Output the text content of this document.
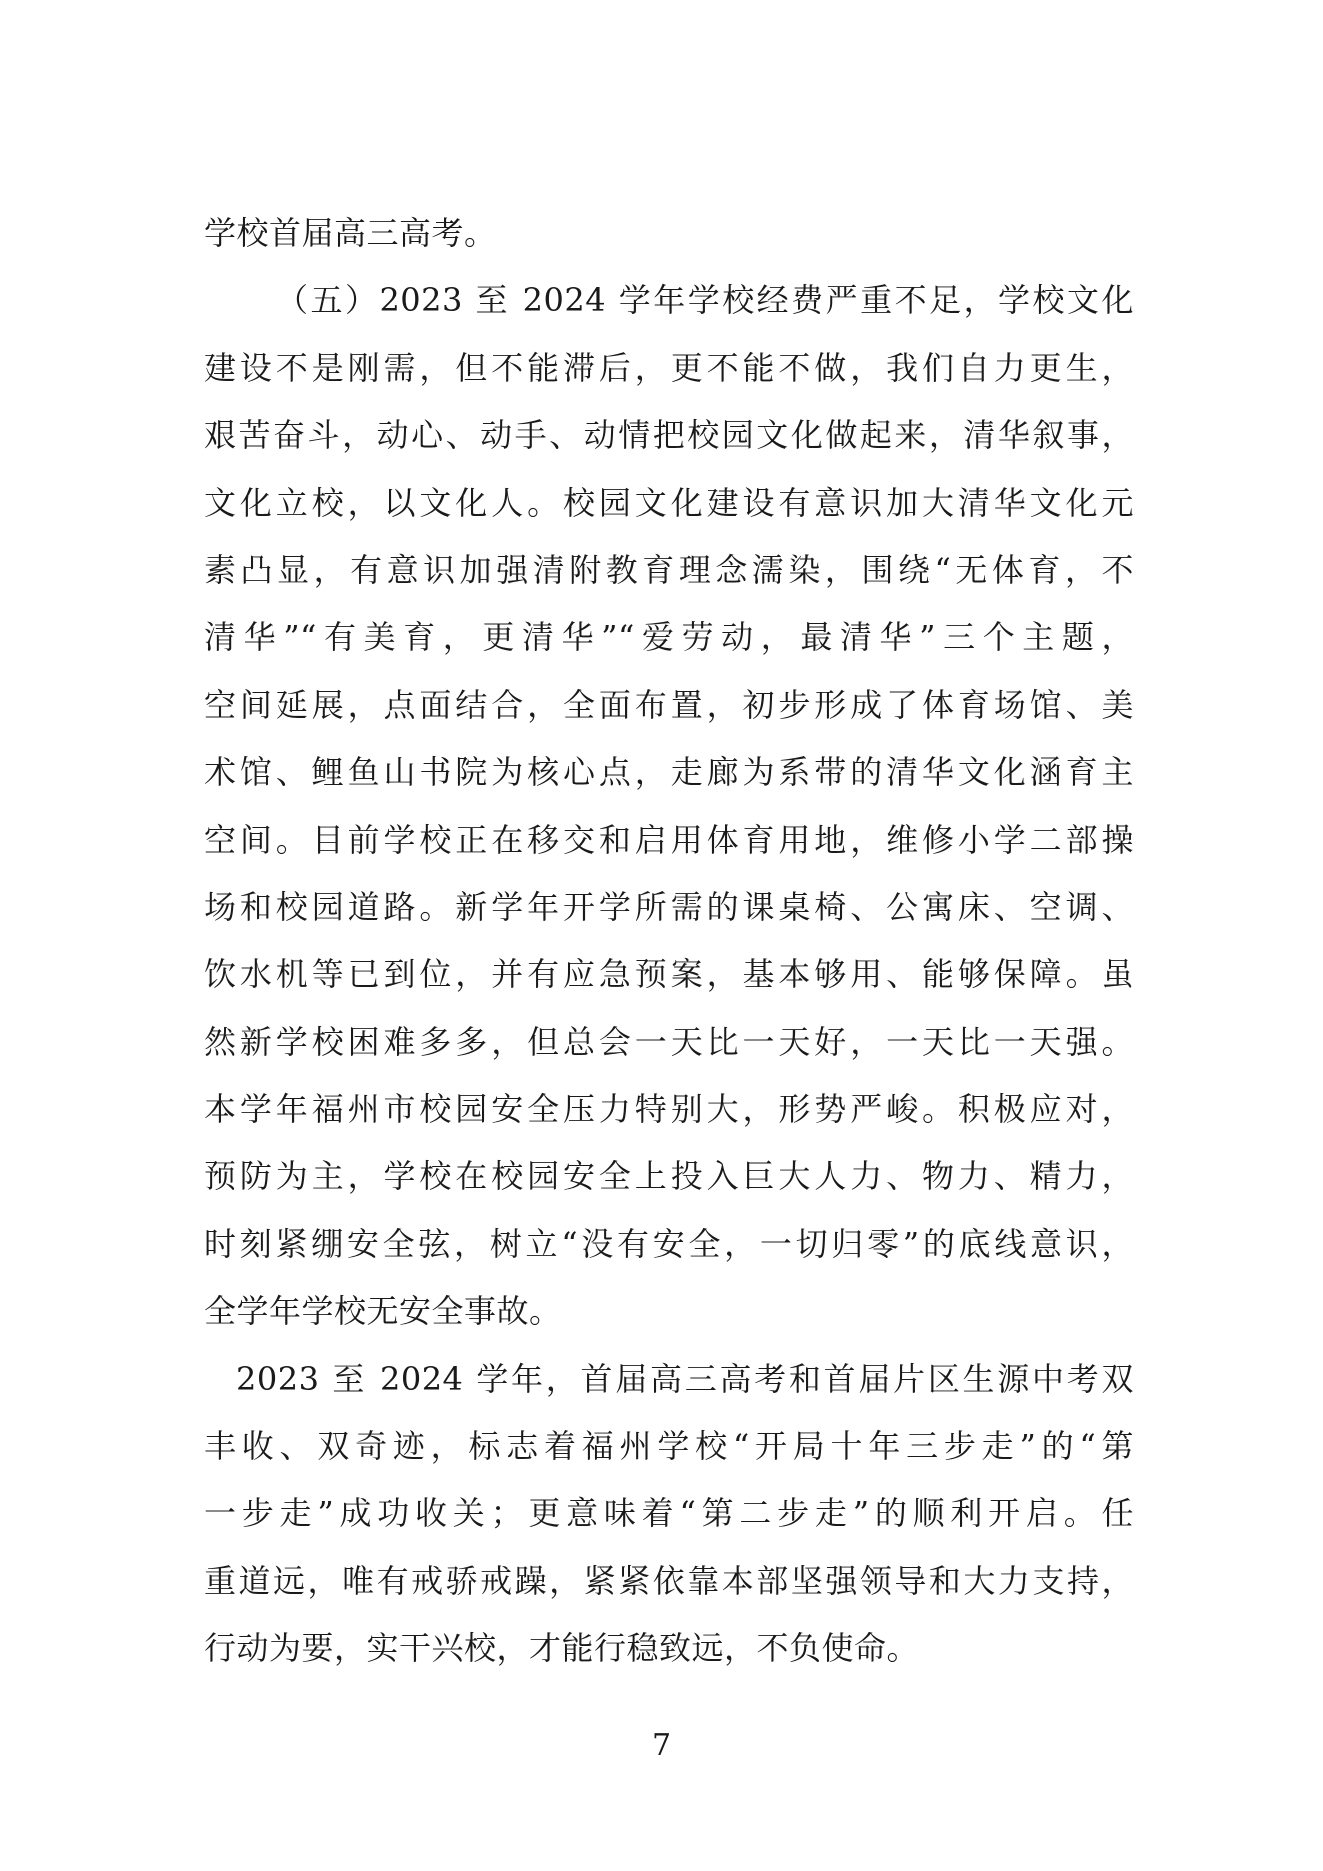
学校首届高三高考。
（五）2023 至 2024 学年学校经费严重不足，学校文化
建设不是刚需，但不能滞后，更不能不做，我们自力更生，
艰苦奋斗，动心、动手、动情把校园文化做起来，清华叙事，
文化立校，以文化人。校园文化建设有意识加大清华文化元
素凸显，有意识加强清附教育理念濡染，围绕“无体育，不
清华”“有美育，更清华”“爱劳动，最清华”三个主题，
空间延展，点面结合，全面布置，初步形成了体育场馆、美
术馆、鲤鱼山书院为核心点，走廊为系带的清华文化涵育主
空间。目前学校正在移交和启用体育用地，维修小学二部操
场和校园道路。新学年开学所需的课桌椅、公寓床、空调、
饮水机等已到位，并有应急预案，基本够用、能够保障。虽
然新学校困难多多，但总会一天比一天好，一天比一天强。
本学年福州市校园安全压力特别大，形势严峻。积极应对，
预防为主，学校在校园安全上投入巨大人力、物力、精力，
时刻紧绷安全弦，树立“没有安全，一切归零”的底线意识，
全学年学校无安全事故。
2023 至 2024 学年，首届高三高考和首届片区生源中考双
丰收、双奇迹，标志着福州学校“开局十年三步走”的“第
一步走”成功收关；更意味着“第二步走”的顺利开启。任
重道远，唯有戒骄戒躁，紧紧依靠本部坚强领导和大力支持，
行动为要，实干兴校，才能行稳致远，不负使命。
7
